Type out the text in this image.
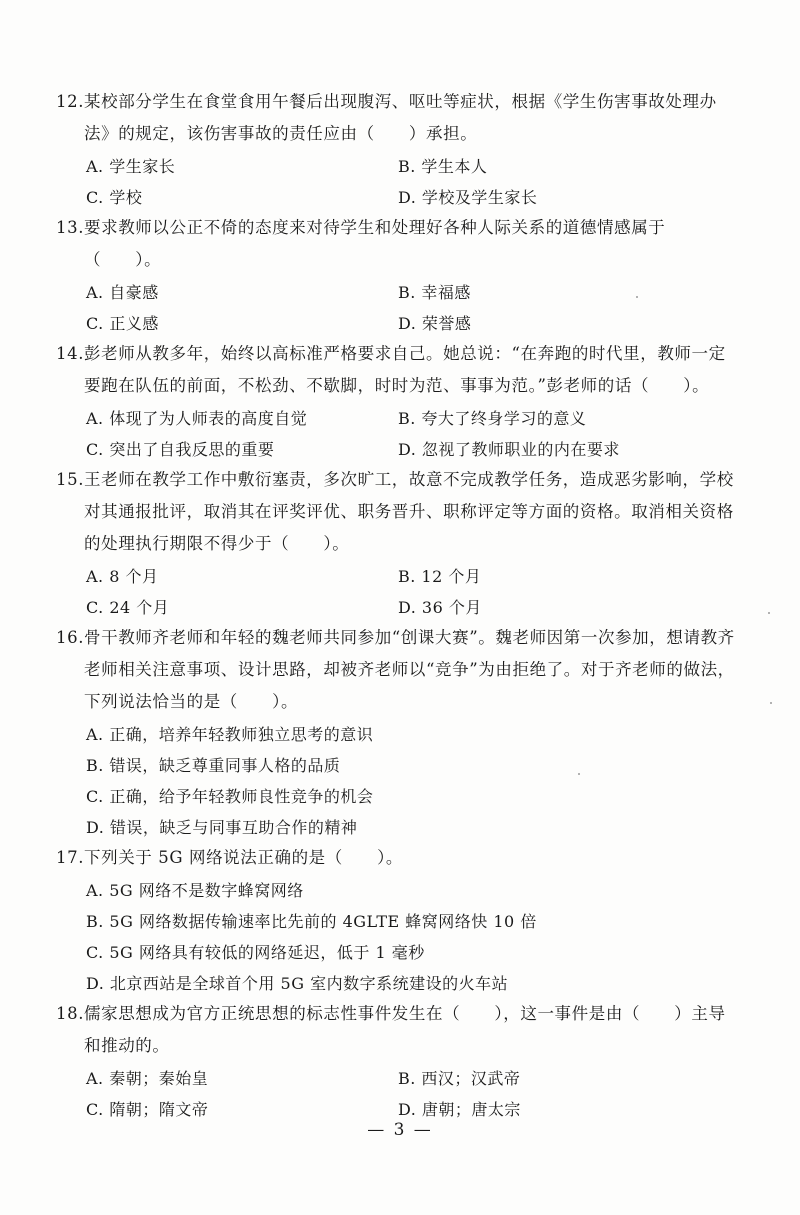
12.某校部分学生在食堂食用午餐后出现腹泻、呕吐等症状，根据《学生伤害事故处理办法》的规定，该伤害事故的责任应由（　　）承担。

A. 学生家长	B. 学生本人
C. 学校	D. 学校及学生家长

13.要求教师以公正不倚的态度来对待学生和处理好各种人际关系的道德情感属于（　　）。

A. 自豪感	B. 幸福感
C. 正义感	D. 荣誉感

14.彭老师从教多年，始终以高标准严格要求自己。她总说：“在奔跑的时代里，教师一定要跑在队伍的前面，不松劲、不歇脚，时时为范、事事为范。”彭老师的话（　　）。

A. 体现了为人师表的高度自觉	B. 夸大了终身学习的意义
C. 突出了自我反思的重要	D. 忽视了教师职业的内在要求

15.王老师在教学工作中敷衍塞责，多次旷工，故意不完成教学任务，造成恶劣影响，学校对其通报批评，取消其在评奖评优、职务晋升、职称评定等方面的资格。取消相关资格的处理执行期限不得少于（　　）。

A. 8 个月	B. 12 个月
C. 24 个月	D. 36 个月

16.骨干教师齐老师和年轻的魏老师共同参加“创课大赛”。魏老师因第一次参加，想请教齐老师相关注意事项、设计思路，却被齐老师以“竞争”为由拒绝了。对于齐老师的做法，下列说法恰当的是（　　）。

A. 正确，培养年轻教师独立思考的意识
B. 错误，缺乏尊重同事人格的品质
C. 正确，给予年轻教师良性竞争的机会
D. 错误，缺乏与同事互助合作的精神

17.下列关于 5G 网络说法正确的是（　　）。

A. 5G 网络不是数字蜂窝网络
B. 5G 网络数据传输速率比先前的 4GLTE 蜂窝网络快 10 倍
C. 5G 网络具有较低的网络延迟，低于 1 毫秒
D. 北京西站是全球首个用 5G 室内数字系统建设的火车站

18.儒家思想成为官方正统思想的标志性事件发生在（　　），这一事件是由（　　）主导和推动的。

A. 秦朝；秦始皇	B. 西汉；汉武帝
C. 隋朝；隋文帝	D. 唐朝；唐太宗
— 3 —
